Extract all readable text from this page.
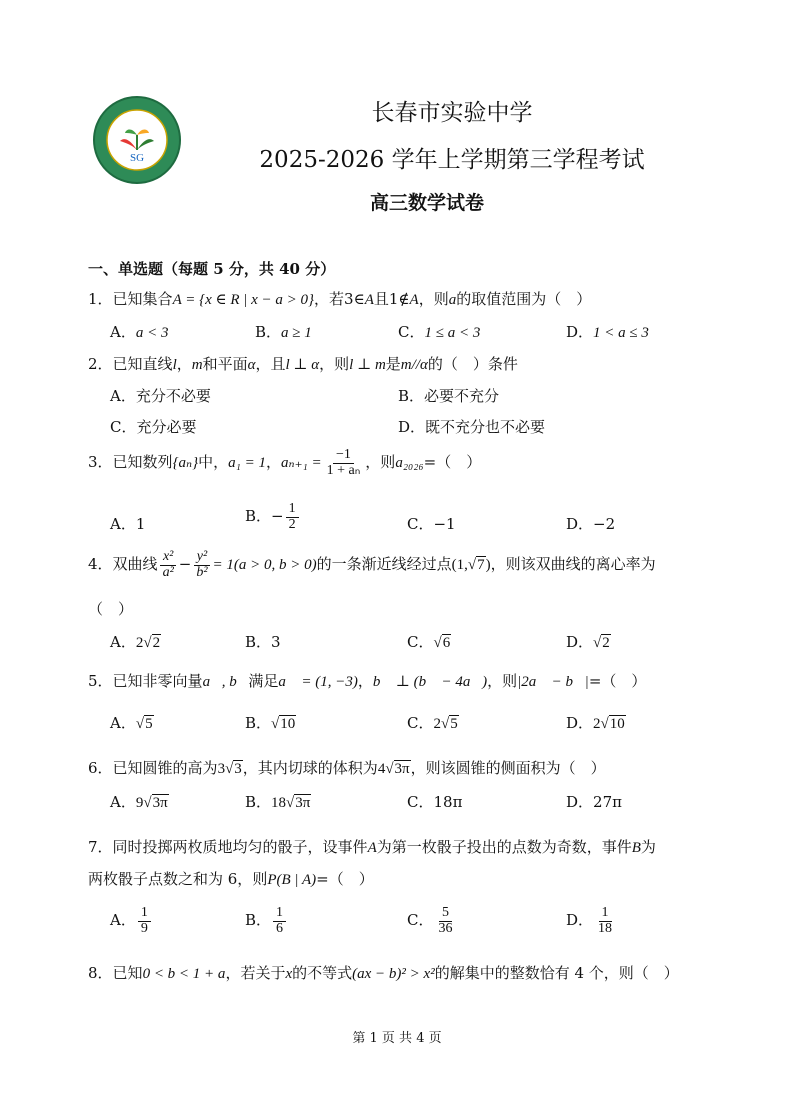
SG
长春市实验中学
2025-2026 学年上学期第三学程考试
高三数学试卷
一、单选题（每题 5 分，共 40 分）
1．已知集合A = {x ∈ R | x − a > 0}，若3∈A且1∉A，则a的取值范围为（　）
A．a < 3	B．a ≥ 1	C．1 ≤ a < 3	D．1 < a ≤ 3
2．已知直线l，m和平面α，且l ⊥ α，则l ⊥ m是m//α的（　）条件
A．充分不必要	B．必要不充分
C．充分必要	D．既不充分也不必要
3．已知数列{aₙ}中，a₁ = 1，$a_{n+1} = \frac{-1}{\text{1 + aₙ}}$ ，则a₂₀₂₆=（　）
A．1	B．− $\frac{1}{2}$	C．−1	D．−2
4．双曲线 $\frac{\text{x²}}{\text{a²}} - \frac{\text{y²}}{\text{b²}} = 1(a > 0$, b > 0)的一条渐近线经过点(1,√7)，则该双曲线的离心率为
（　）
A．2√2	B．3	C．√6	D．√2
5．已知非零向量a⃗, b⃗满足a⃗ = (1, −3)，b⃗ ⊥ (b⃗ − 4a⃗)，则|2a⃗ − b⃗|=（　）
A．√5	B．√10	C．2√5	D．2√10
6．已知圆锥的高为3√3，其内切球的体积为4√3π，则该圆锥的侧面积为（　）
A．9√3π	B．18√3π	C．18π	D．27π
7．同时投掷两枚质地均匀的骰子，设事件A为第一枚骰子投出的点数为奇数，事件B为
两枚骰子点数之和为 6，则P(B | A)=（　）
A． $\frac{1}{9}$	B． $\frac{1}{6}$	C． $\frac{5}{36}$	D． $\frac{1}{18}$
8．已知0 < b < 1 + a，若关于x的不等式(ax − b)² > x²的解集中的整数恰有 4 个，则（　）
第 1 页 共 4 页
